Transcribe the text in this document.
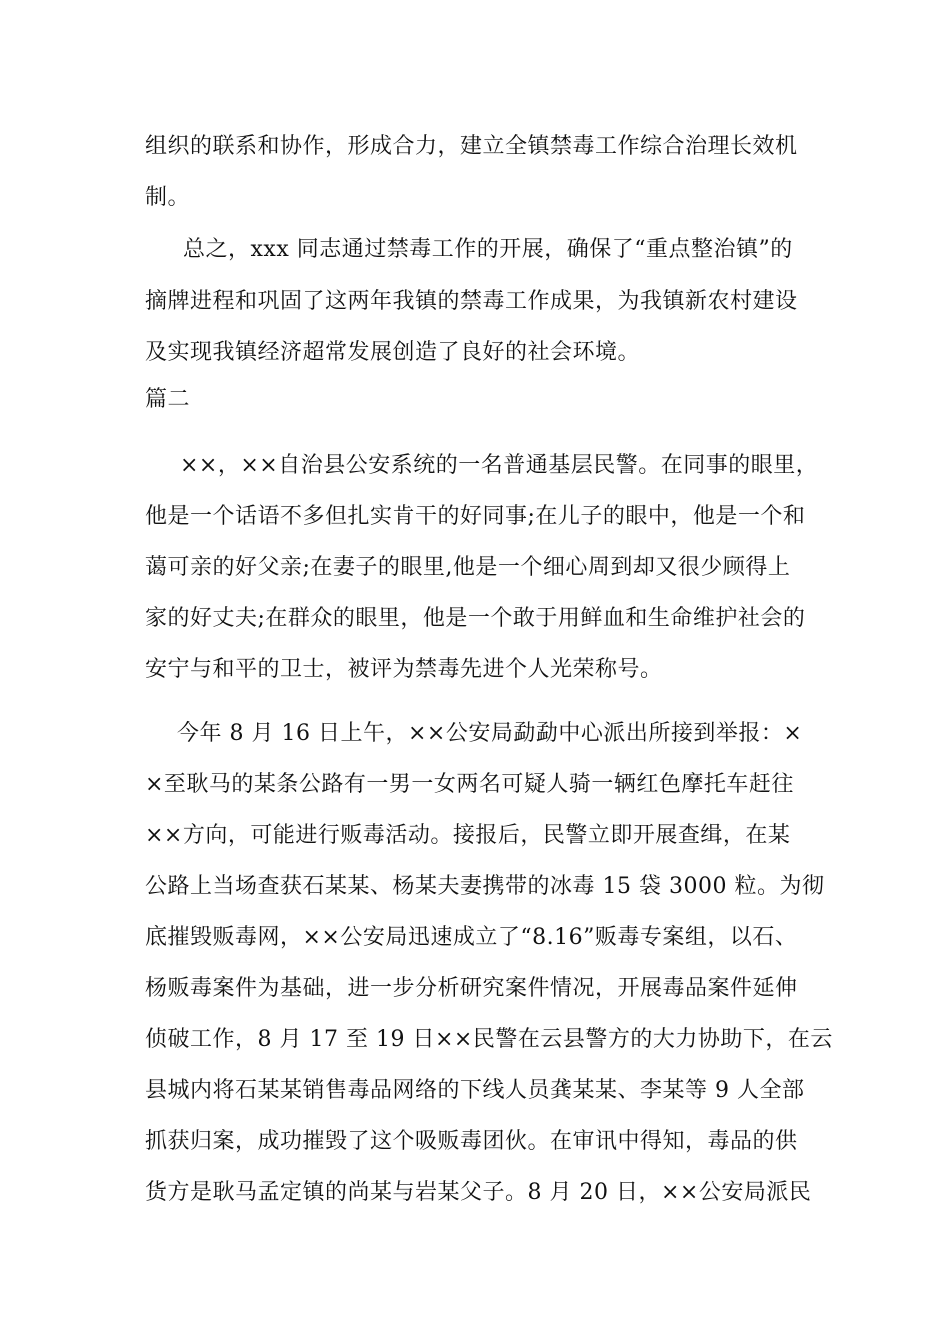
组织的联系和协作，形成合力，建立全镇禁毒工作综合治理长效机
制。
总之，xxx 同志通过禁毒工作的开展，确保了“重点整治镇”的
摘牌进程和巩固了这两年我镇的禁毒工作成果，为我镇新农村建设
及实现我镇经济超常发展创造了良好的社会环境。
篇二
××，××自治县公安系统的一名普通基层民警。在同事的眼里，
他是一个话语不多但扎实肯干的好同事;在儿子的眼中，他是一个和
蔼可亲的好父亲;在妻子的眼里,他是一个细心周到却又很少顾得上
家的好丈夫;在群众的眼里，他是一个敢于用鲜血和生命维护社会的
安宁与和平的卫士，被评为禁毒先进个人光荣称号。
今年 8 月 16 日上午，××公安局勐勐中心派出所接到举报：×
×至耿马的某条公路有一男一女两名可疑人骑一辆红色摩托车赶往
××方向，可能进行贩毒活动。接报后，民警立即开展查缉，在某
公路上当场查获石某某、杨某夫妻携带的冰毒 15 袋 3000 粒。为彻
底摧毁贩毒网，××公安局迅速成立了“8.16”贩毒专案组，以石、
杨贩毒案件为基础，进一步分析研究案件情况，开展毒品案件延伸
侦破工作，8 月 17 至 19 日××民警在云县警方的大力协助下，在云
县城内将石某某销售毒品网络的下线人员龚某某、李某等 9 人全部
抓获归案，成功摧毁了这个吸贩毒团伙。在审讯中得知，毒品的供
货方是耿马孟定镇的尚某与岩某父子。8 月 20 日，××公安局派民
